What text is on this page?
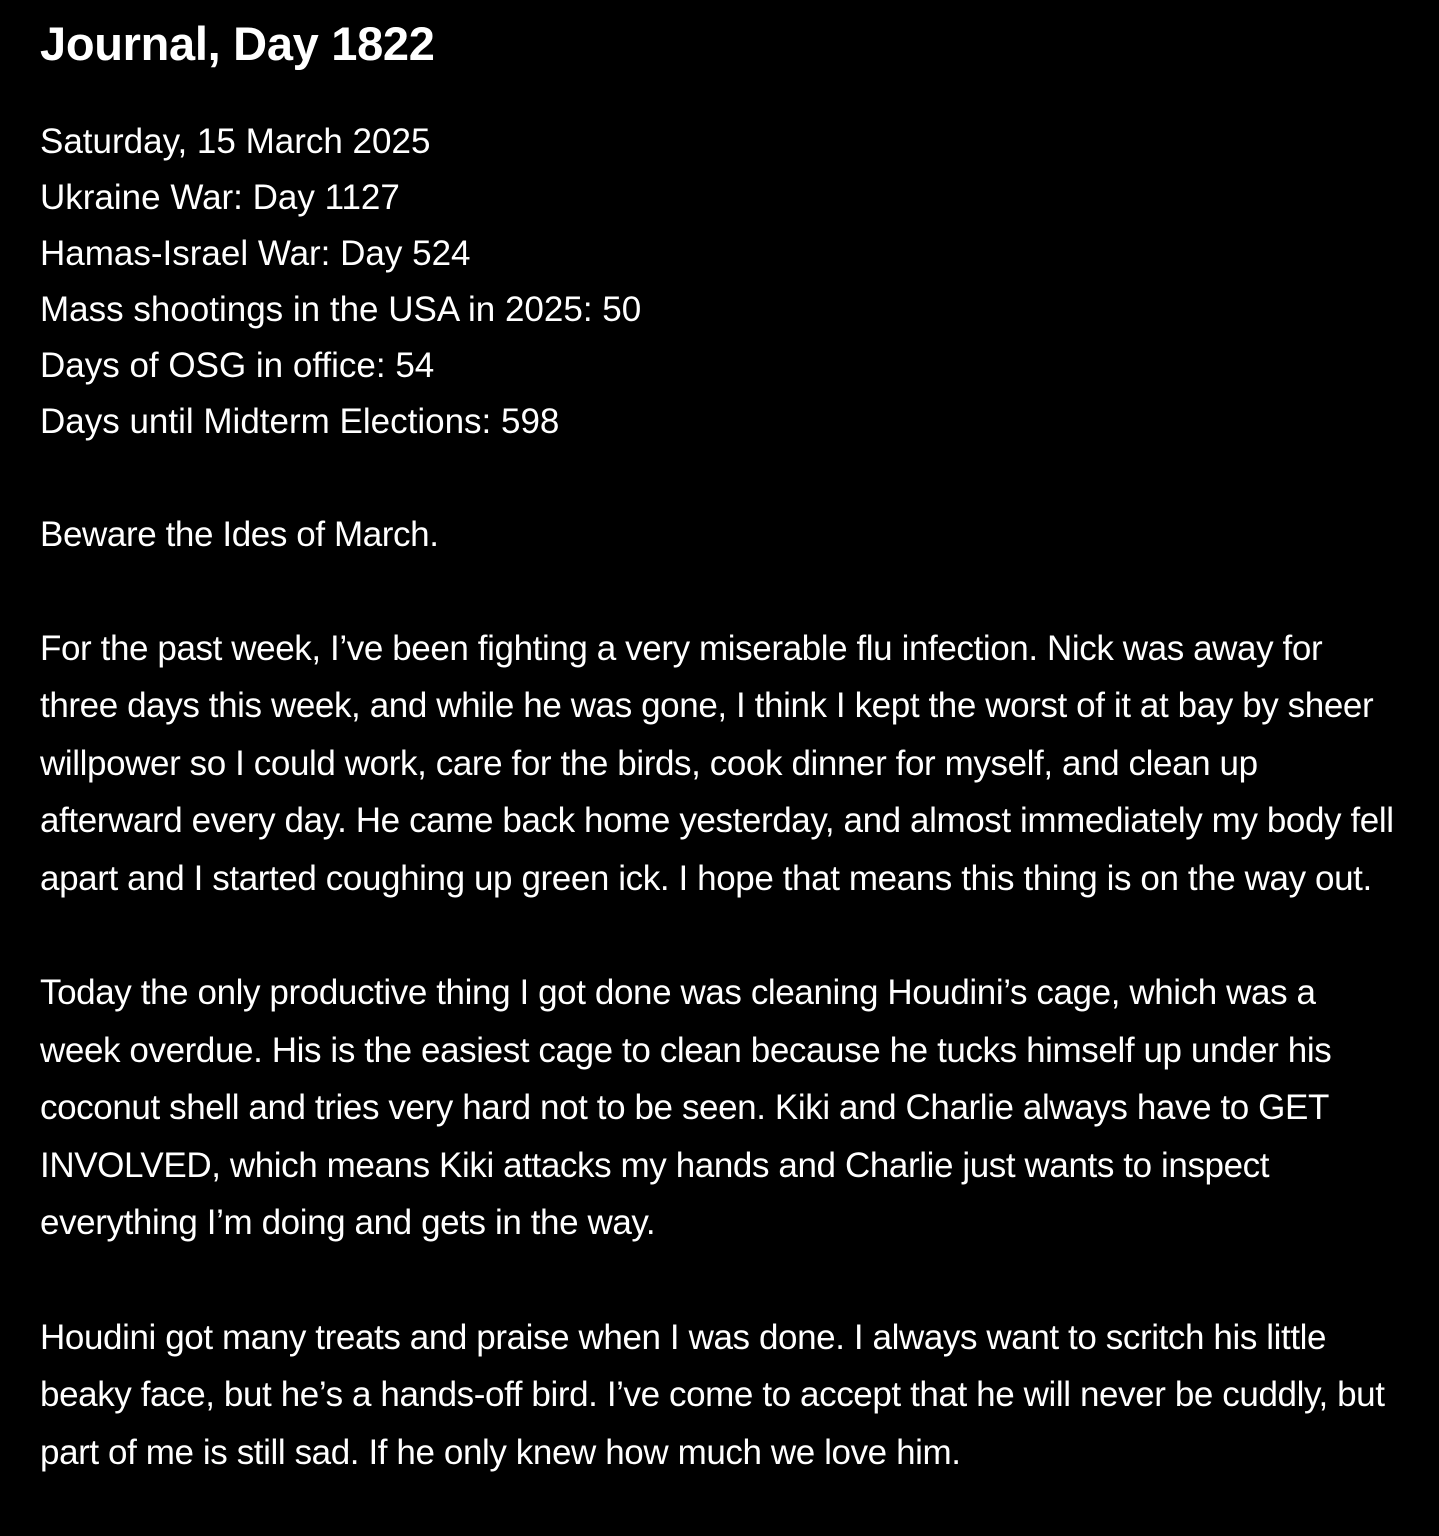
Journal, Day 1822
Saturday, 15 March 2025
Ukraine War: Day 1127
Hamas-Israel War: Day 524
Mass shootings in the USA in 2025: 50
Days of OSG in office: 54
Days until Midterm Elections: 598

Beware the Ides of March.

For the past week, I’ve been fighting a very miserable flu infection. Nick was away for three days this week, and while he was gone, I think I kept the worst of it at bay by sheer willpower so I could work, care for the birds, cook dinner for myself, and clean up afterward every day. He came back home yesterday, and almost immediately my body fell apart and I started coughing up green ick. I hope that means this thing is on the way out.

Today the only productive thing I got done was cleaning Houdini’s cage, which was a week overdue. His is the easiest cage to clean because he tucks himself up under his coconut shell and tries very hard not to be seen. Kiki and Charlie always have to GET INVOLVED, which means Kiki attacks my hands and Charlie just wants to inspect everything I’m doing and gets in the way.

Houdini got many treats and praise when I was done. I always want to scritch his little beaky face, but he’s a hands-off bird. I’ve come to accept that he will never be cuddly, but part of me is still sad. If he only knew how much we love him.
